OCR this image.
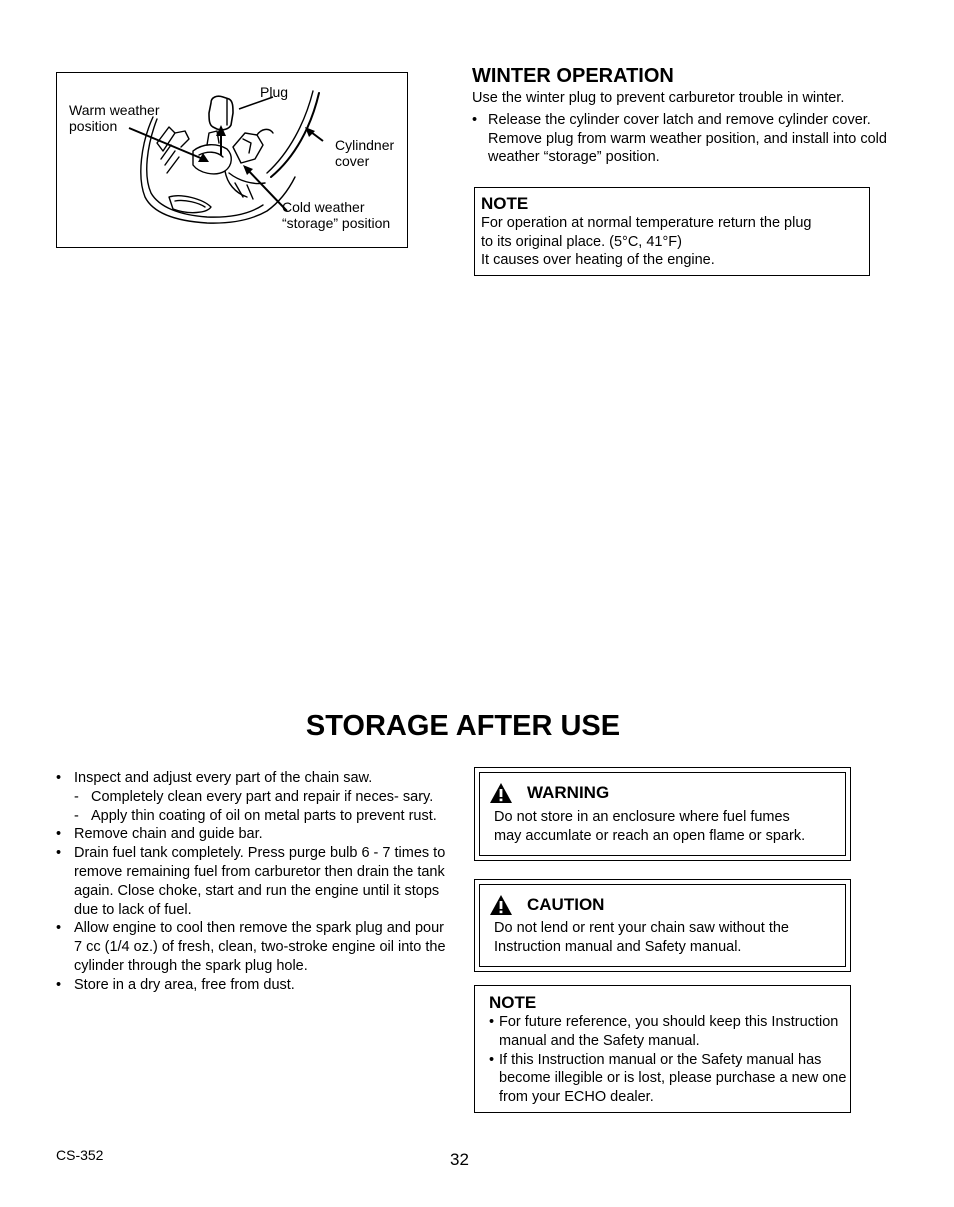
Plug
Warm weather
position
Cylindner
cover
Cold weather
“storage” position
WINTER OPERATION
Use the winter plug to prevent carburetor trouble in winter.
• Release the cylinder cover latch and remove cylinder cover. Remove plug from warm weather position, and install into cold weather “storage” position.
NOTE
For operation at normal temperature return the plug
to its original place. (5°C, 41°F)
It causes over heating of the engine.
STORAGE AFTER USE
• Inspect and adjust every part of the chain saw.
- Completely clean every part and repair if neces- sary.
- Apply thin coating of oil on metal parts to prevent rust.
• Remove chain and guide bar.
• Drain fuel tank completely. Press purge bulb 6 - 7 times to remove remaining fuel from carburetor then drain the tank again. Close choke, start and run the engine until it stops due to lack of fuel.
• Allow engine to cool then remove the spark plug and pour 7 cc (1/4 oz.) of fresh, clean, two-stroke engine oil into the cylinder through the spark plug hole.
• Store in a dry area, free from dust.
WARNING
Do not store in an enclosure where fuel fumes
may accumlate or reach an open flame or spark.
CAUTION
Do not lend or rent your chain saw without the
Instruction manual and Safety manual.
NOTE
• For future reference, you should keep this Instruction manual and the Safety manual.
• If this Instruction manual or the Safety manual has become illegible or is lost, please purchase a new one from your ECHO dealer.
CS-352	32
